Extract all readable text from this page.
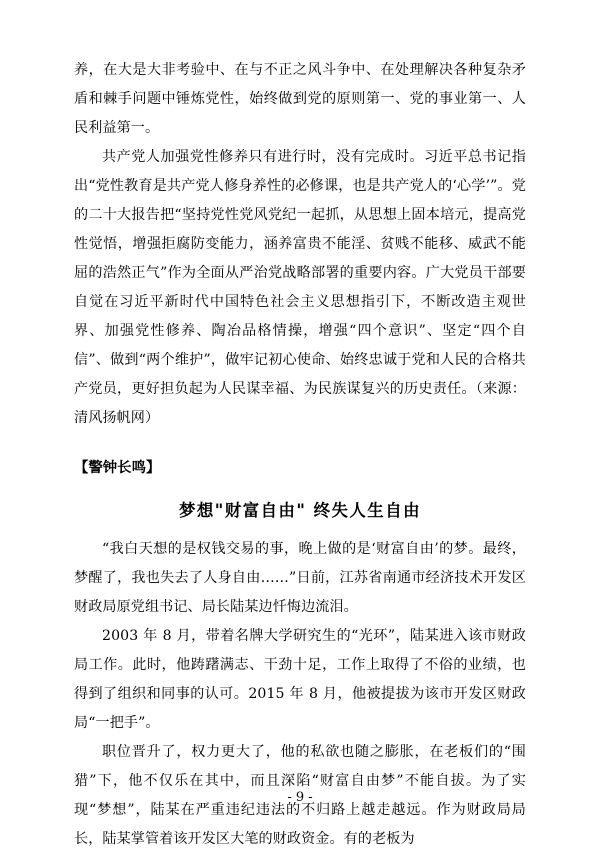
养，在大是大非考验中、在与不正之风斗争中、在处理解决各种复杂矛盾和棘手问题中锤炼党性，始终做到党的原则第一、党的事业第一、人民利益第一。

共产党人加强党性修养只有进行时，没有完成时。习近平总书记指出“党性教育是共产党人修身养性的必修课，也是共产党人的‘心学’”。党的二十大报告把“坚持党性党风党纪一起抓，从思想上固本培元，提高党性觉悟，增强拒腐防变能力，涵养富贵不能淫、贫贱不能移、威武不能屈的浩然正气”作为全面从严治党战略部署的重要内容。广大党员干部要自觉在习近平新时代中国特色社会主义思想指引下，不断改造主观世界、加强党性修养、陶冶品格情操，增强“四个意识”、坚定“四个自信”、做到“两个维护”，做牢记初心使命、始终忠诚于党和人民的合格共产党员，更好担负起为人民谋幸福、为民族谋复兴的历史责任。（来源：清风扬帆网）

【警钟长鸣】

梦想"财富自由" 终失人生自由

“我白天想的是权钱交易的事，晚上做的是‘财富自由’的梦。最终，梦醒了，我也失去了人身自由……”日前，江苏省南通市经济技术开发区财政局原党组书记、局长陆某边忏悔边流泪。

2003 年 8 月，带着名牌大学研究生的“光环”，陆某进入该市财政局工作。此时，他踌躇满志、干劲十足，工作上取得了不俗的业绩，也得到了组织和同事的认可。2015 年 8 月，他被提拔为该市开发区财政局“一把手”。

职位晋升了，权力更大了，他的私欲也随之膨胀，在老板们的“围猎”下，他不仅乐在其中，而且深陷“财富自由梦”不能自拔。为了实现“梦想”，陆某在严重违纪违法的不归路上越走越远。作为财政局局长，陆某掌管着该开发区大笔的财政资金。有的老板为

- 9 -
